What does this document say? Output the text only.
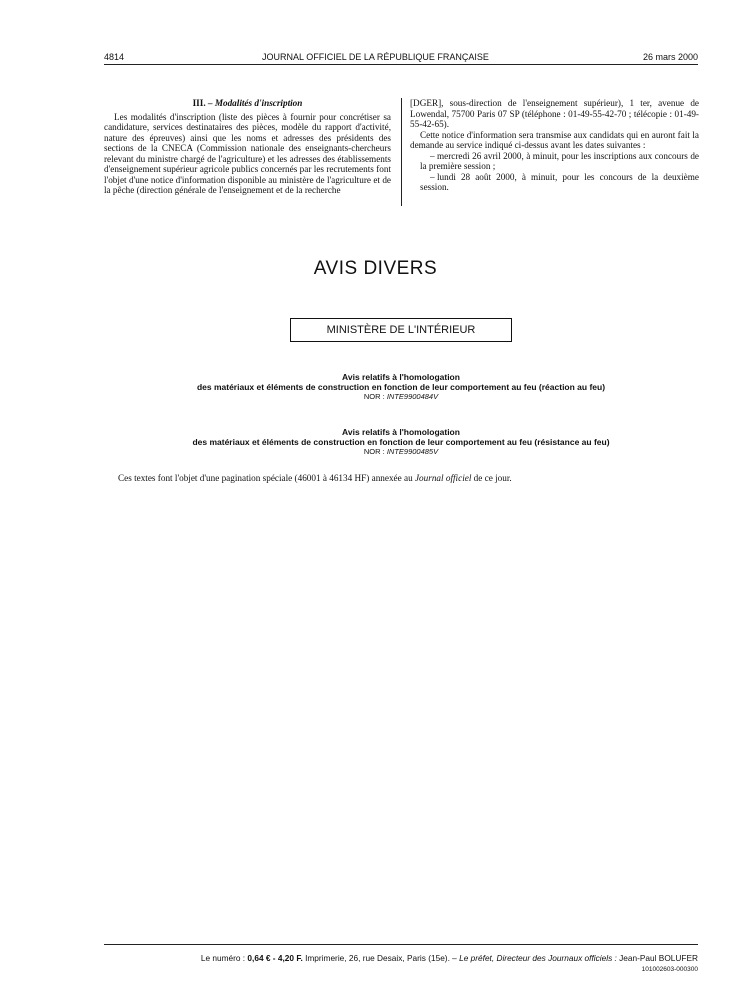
4814	JOURNAL OFFICIEL DE LA RÉPUBLIQUE FRANÇAISE	26 mars 2000
III. – Modalités d'inscription

Les modalités d'inscription (liste des pièces à fournir pour concrétiser sa candidature, services destinataires des pièces, modèle du rapport d'activité, nature des épreuves) ainsi que les noms et adresses des présidents des sections de la CNECA (Commission nationale des enseignants-chercheurs relevant du ministre chargé de l'agriculture) et les adresses des établissements d'enseignement supérieur agricole publics concernés par les recrutements font l'objet d'une notice d'information disponible au ministère de l'agriculture et de la pêche (direction générale de l'enseignement et de la recherche

[DGER], sous-direction de l'enseignement supérieur), 1 ter, avenue de Lowendal, 75700 Paris 07 SP (téléphone : 01-49-55-42-70 ; télécopie : 01-49-55-42-65).

Cette notice d'information sera transmise aux candidats qui en auront fait la demande au service indiqué ci-dessus avant les dates suivantes :

– mercredi 26 avril 2000, à minuit, pour les inscriptions aux concours de la première session ;

– lundi 28 août 2000, à minuit, pour les concours de la deuxième session.

AVIS DIVERS
MINISTÈRE DE L'INTÉRIEUR
Avis relatifs à l'homologation
des matériaux et éléments de construction en fonction de leur comportement au feu (réaction au feu)
NOR : INTE9900484V
Avis relatifs à l'homologation
des matériaux et éléments de construction en fonction de leur comportement au feu (résistance au feu)
NOR : INTE9900485V
Ces textes font l'objet d'une pagination spéciale (46001 à 46134 HF) annexée au Journal officiel de ce jour.
Le numéro : 0,64 € - 4,20 F. Imprimerie, 26, rue Desaix, Paris (15e). – Le préfet, Directeur des Journaux officiels : Jean-Paul BOLUFER
101002603-000300
